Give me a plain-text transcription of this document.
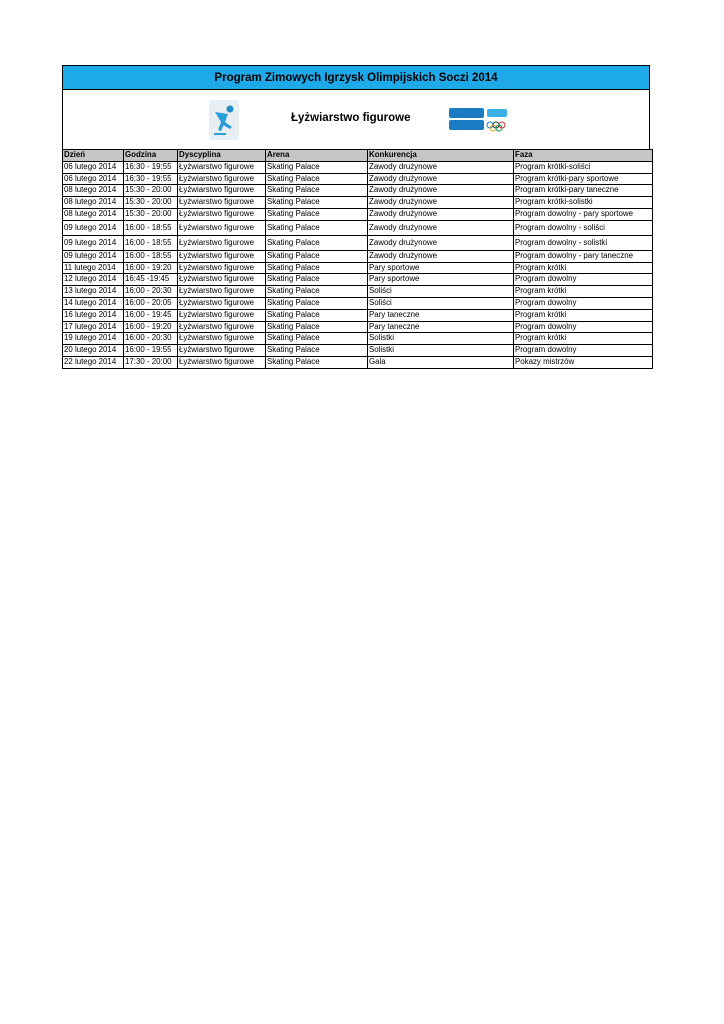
Program Zimowych Igrzysk Olimpijskich Soczi 2014
Łyżwiarstwo figurowe
Dzień	Godzina	Dyscyplina	Arena	Konkurencja	Faza
06 lutego 2014	16:30 - 19:55	Łyżwiarstwo figurowe	Skating Palace	Zawody drużynowe	Program krótki-soliści
06 lutego 2014	16:30 - 19:55	Łyżwiarstwo figurowe	Skating Palace	Zawody drużynowe	Program krótki-pary sportowe
08 lutego 2014	15:30 - 20:00	Łyżwiarstwo figurowe	Skating Palace	Zawody drużynowe	Program krótki-pary taneczne
08 lutego 2014	15:30 - 20:00	Łyżwiarstwo figurowe	Skating Palace	Zawody drużynowe	Program krótki-solistki
08 lutego 2014	15:30 - 20:00	Łyżwiarstwo figurowe	Skating Palace	Zawody drużynowe	Program dowolny - pary sportowe
09 lutego 2014	16:00 - 18:55	Łyżwiarstwo figurowe	Skating Palace	Zawody drużynowe	Program dowolny - soliści
09 lutego 2014	16:00 - 18:55	Łyżwiarstwo figurowe	Skating Palace	Zawody drużynowe	Program dowolny - solistki
09 lutego 2014	16:00 - 18:55	Łyżwiarstwo figurowe	Skating Palace	Zawody drużynowe	Program dowolny - pary taneczne
11 lutego 2014	16:00 - 19:20	Łyżwiarstwo figurowe	Skating Palace	Pary sportowe	Program krótki
12 lutego 2014	16:45 -19:45	Łyżwiarstwo figurowe	Skating Palace	Pary sportowe	Program dowolny
13 lutego 2014	16:00 - 20:30	Łyżwiarstwo figurowe	Skating Palace	Soliści	Program krótki
14 lutego 2014	16:00 - 20:05	Łyżwiarstwo figurowe	Skating Palace	Soliści	Program dowolny
16 lutego 2014	16:00 - 19:45	Łyżwiarstwo figurowe	Skating Palace	Pary taneczne	Program krótki
17 lutego 2014	16:00 - 19:20	Łyżwiarstwo figurowe	Skating Palace	Pary taneczne	Program dowolny
19 lutego 2014	16:00 - 20:30	Łyżwiarstwo figurowe	Skating Palace	Solistki	Program krótki
20 lutego 2014	16:00 - 19:55	Łyżwiarstwo figurowe	Skating Palace	Solistki	Program dowolny
22 lutego 2014	17:30 - 20:00	Łyżwiarstwo figurowe	Skating Palace	Gala	Pokazy mistrzów
